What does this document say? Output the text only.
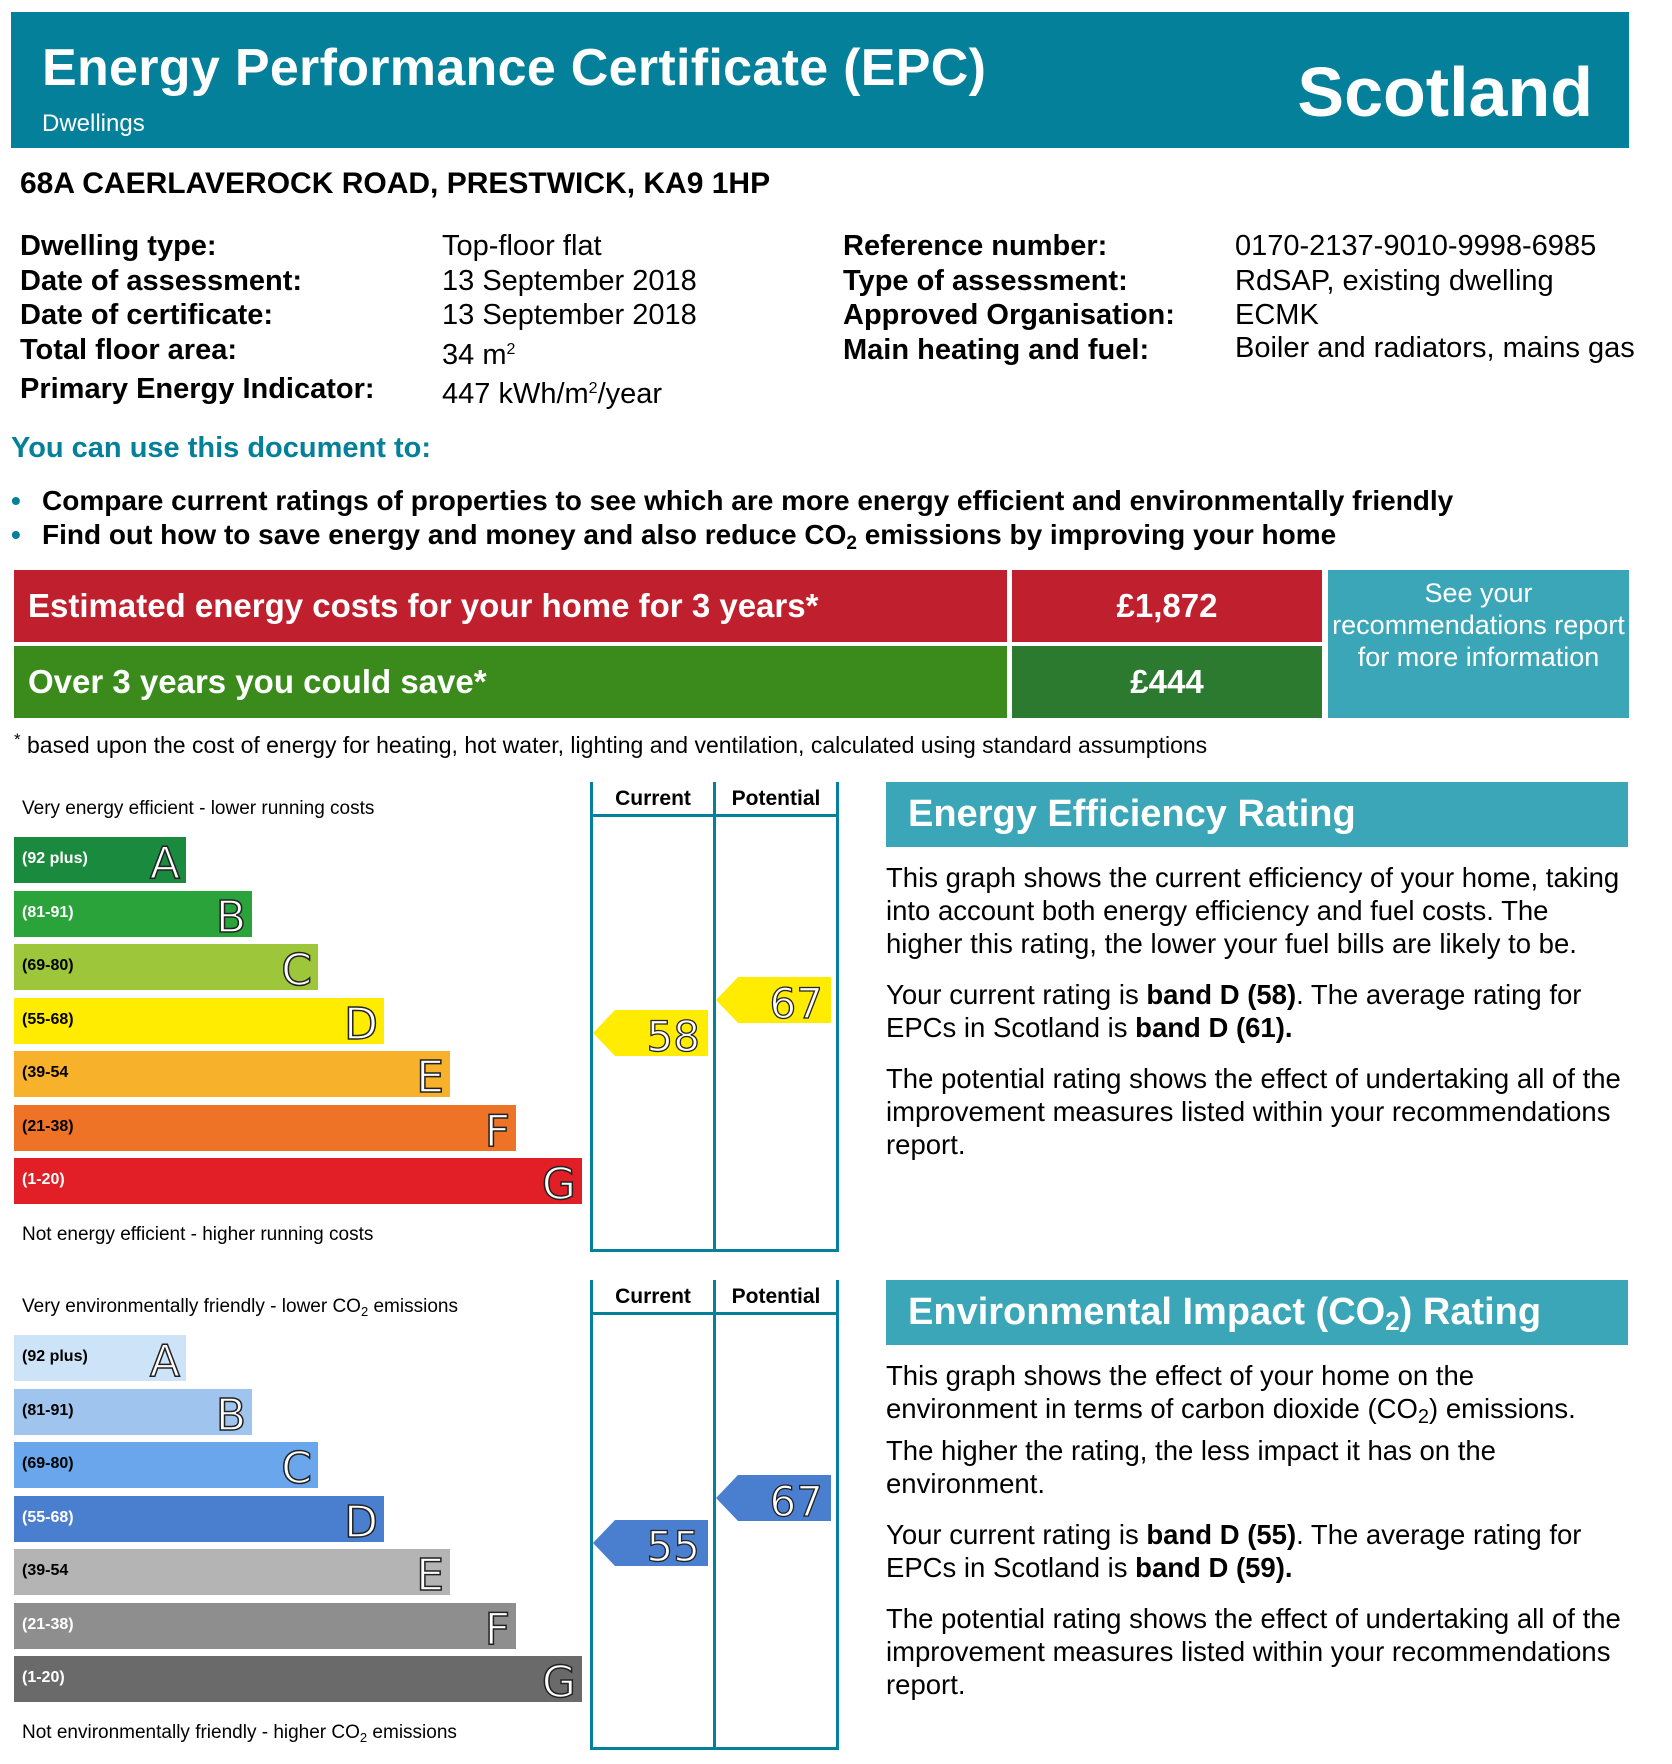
Energy Performance Certificate (EPC)
Dwellings	Scotland
68A CAERLAVEROCK ROAD, PRESTWICK, KA9 1HP
Dwelling type:	Top-floor flat
Date of assessment:	13 September 2018
Date of certificate:	13 September 2018
Total floor area:	34 $m^2$
Primary Energy Indicator:	447 kWh/$m^2$/year
Reference number:	0170-2137-9010-9998-6985
Type of assessment:	RdSAP, existing dwelling
Approved Organisation:	ECMK
Main heating and fuel:	Boiler and radiators, mains gas
You can use this document to:
• Compare current ratings of properties to see which are more energy efficient and environmentally friendly
• Find out how to save energy and money and also reduce CO2 emissions by improving your home
Estimated energy costs for your home for 3 years*	£1,872
Over 3 years you could save*	£444
See your recommendations report for more information
* based upon the cost of energy for heating, hot water, lighting and ventilation, calculated using standard assumptions
Very energy efficient - lower running costs
Not energy efficient - higher running costs
Current	Potential
(92 plus) A
(81-91)	B
(69-80)	C
(55-68)	D
(39-54	E
(21-38)	F
(1-20)	G
58
67
Very environmentally friendly - lower $CO_2$ emissions
Not environmentally friendly - higher $CO_2$ emissions
Current	Potential
(92 plus) A
(81-91)	B
(69-80)	C
(55-68)	D
(39-54	E
(21-38)	F
(1-20)	G
55
67
Energy Efficiency Rating

This graph shows the current efficiency of your home, taking into account both energy efficiency and fuel costs. The higher this rating, the lower your fuel bills are likely to be.

Your current rating is band D (58). The average rating for EPCs in Scotland is band D (61).

The potential rating shows the effect of undertaking all of the improvement measures listed within your recommendations report.

Environmental Impact (CO2) Rating

This graph shows the effect of your home on the environment in terms of carbon dioxide (CO2) emissions. The higher the rating, the less impact it has on the environment.

Your current rating is band D (55). The average rating for EPCs in Scotland is band D (59).

The potential rating shows the effect of undertaking all of the improvement measures listed within your recommendations report.
